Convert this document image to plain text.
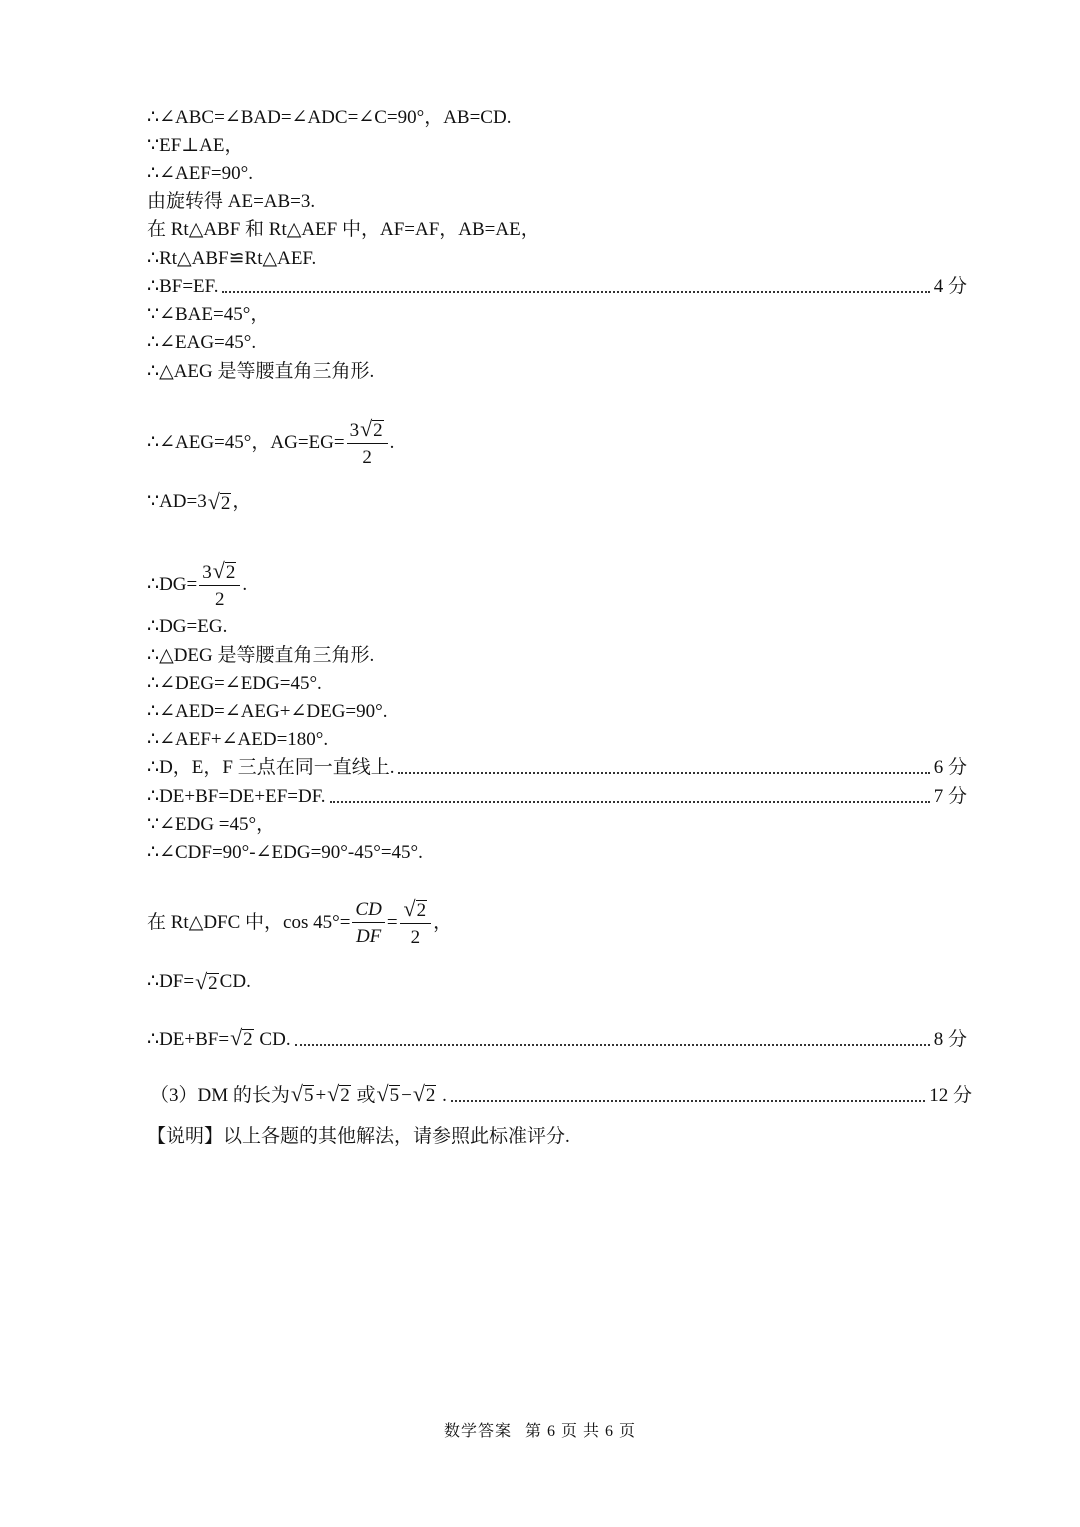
∴∠ABC=∠BAD=∠ADC=∠C=90°，AB=CD.
∵EF⊥AE，
∴∠AEF=90°.
由旋转得 AE=AB=3.
在 Rt△ABF 和 Rt△AEF 中，AF=AF，AB=AE，
∴Rt△ABF≌Rt△AEF.
∴BF=EF.	4 分
∵∠BAE=45°，
∴∠EAG=45°.
∴△AEG 是等腰直角三角形.
∴∠AEG=45°，$AG=EG= \frac{3 √ 2}{2}$ .
∵AD=3 √ 2 ，
∴DG= $\frac{3 √ 2}{2}$ .
∴DG=EG.
∴△DEG 是等腰直角三角形.
∴∠DEG=∠EDG=45°.
∴∠AED=∠AEG+∠DEG=90°.
∴∠AEF+∠AED=180°.
∴D，E，F 三点在同一直线上.	6 分
∴DE+BF=DE+EF=DF.	7 分
∵∠EDG =45°，
∴∠CDF=90°-∠EDG=90°-45°=45°.
在 Rt△DFC 中，$\cos 45^\circ= \frac{CD}{DF} = \frac{√ 2}{2}$ ，
∴DF= √ 2 CD.
∴DE+BF= √ 2 CD.	8 分
（3）DM 的长为 √ 5 + √ 2 或 √ 5 − √ 2 .	12 分
【说明】以上各题的其他解法，请参照此标准评分.
数学答案 第 6 页 共 6 页
